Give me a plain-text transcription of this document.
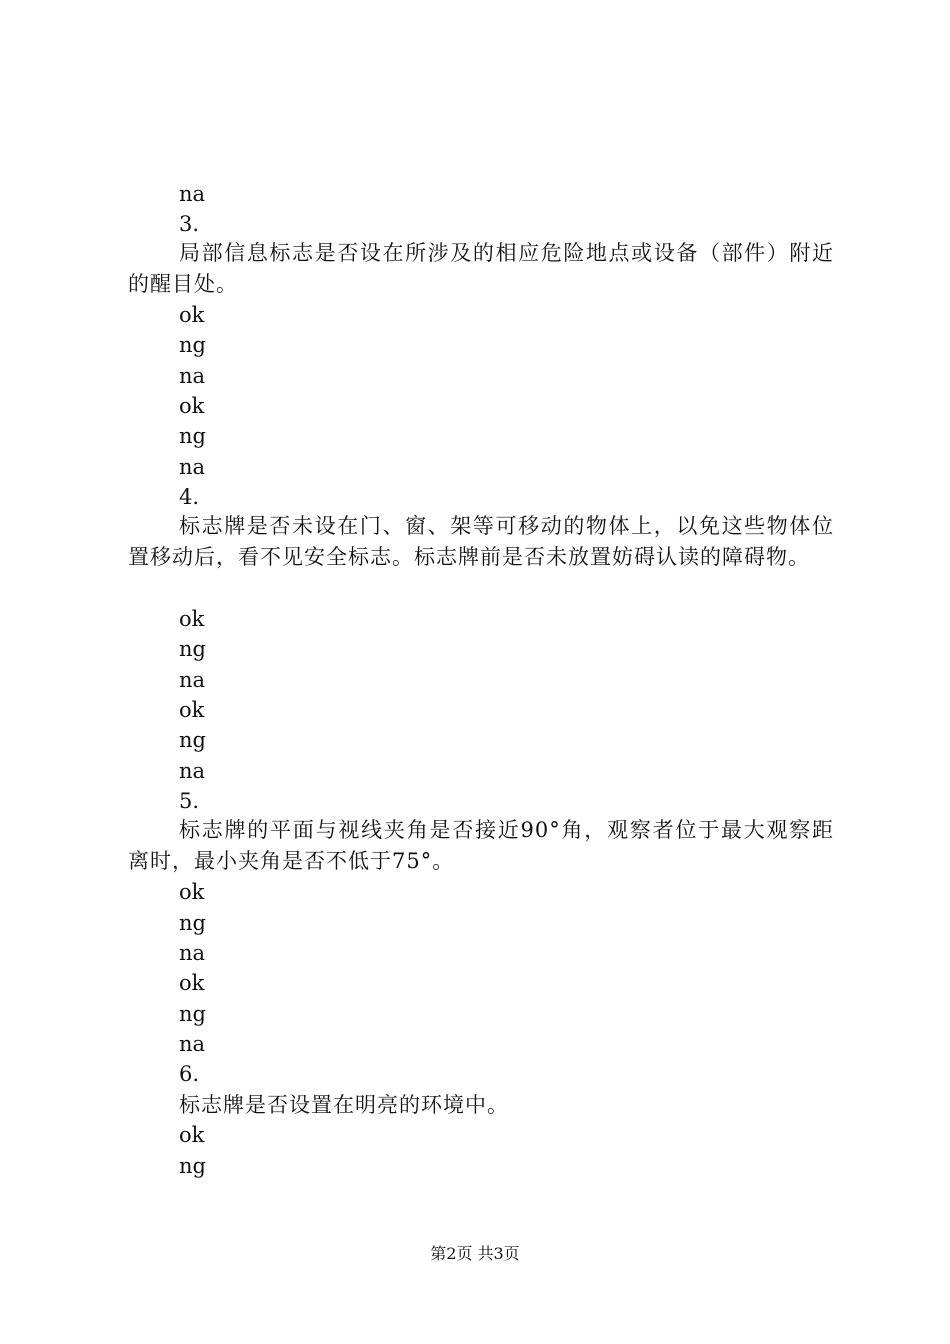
na

3.

局部信息标志是否设在所涉及的相应危险地点或设备（部件）附近的醒目处。

ok

ng

na

ok

ng

na

4.

标志牌是否未设在门、窗、架等可移动的物体上，以免这些物体位置移动后，看不见安全标志。标志牌前是否未放置妨碍认读的障碍物。

ok

ng

na

ok

ng

na

5.

标志牌的平面与视线夹角是否接近90°角，观察者位于最大观察距离时，最小夹角是否不低于75°。

ok

ng

na

ok

ng

na

6.

标志牌是否设置在明亮的环境中。

ok

ng

第2页 共3页
